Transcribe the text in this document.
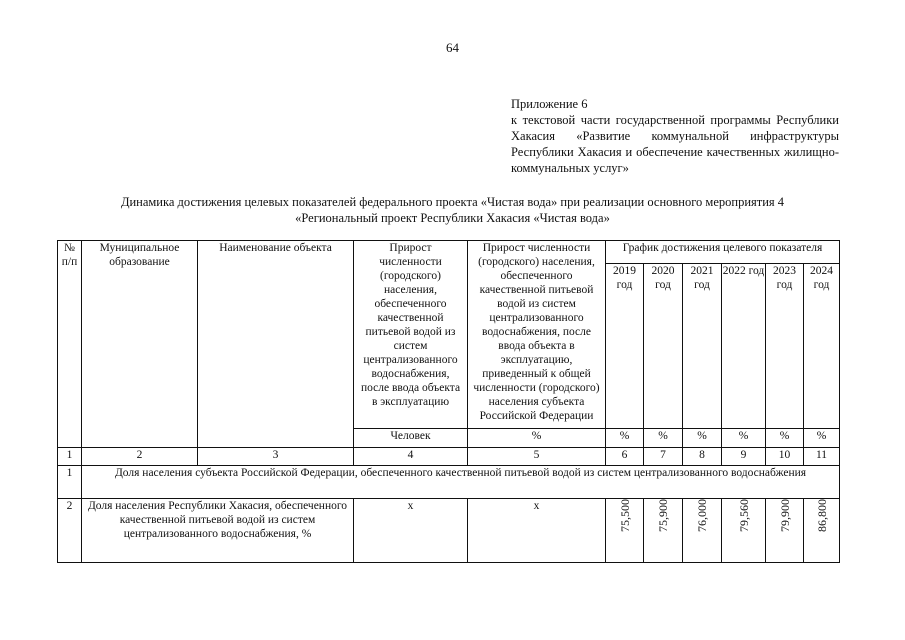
64
Приложение 6
к текстовой части государственной программы Республики Хакасия «Развитие коммунальной инфраструктуры Республики Хакасия и обеспечение качественных жилищно-коммунальных услуг»
Динамика достижения целевых показателей федерального проекта «Чистая вода» при реализации основного мероприятия 4
«Региональный проект Республики Хакасия «Чистая вода»
№ п/п	Муниципальное образование	Наименование объекта	Прирост численности (городского) населения, обеспеченного качественной питьевой водой из систем централизованного водоснабжения, после ввода объекта в эксплуатацию	Прирост численности (городского) населения, обеспеченного качественной питьевой водой из систем централизованного водоснабжения, после ввода объекта в эксплуатацию, приведенный к общей численности (городского) населения субъекта Российской Федерации	График достижения целевого показателя					
					2019 год	2020 год	2021 год	2022 год	2023 год	2024 год
			Человек	%	%	%	%	%	%	%
1	2	3	4	5	6	7	8	9	10	11
1	Доля населения субъекта Российской Федерации, обеспеченного качественной питьевой водой из систем централизованного водоснабжения									
2	Доля населения Республики Хакасия, обеспеченного качественной питьевой водой из систем централизованного водоснабжения, %		х	х	75,500	75,900	76,000	79,560	79,900	86,800
